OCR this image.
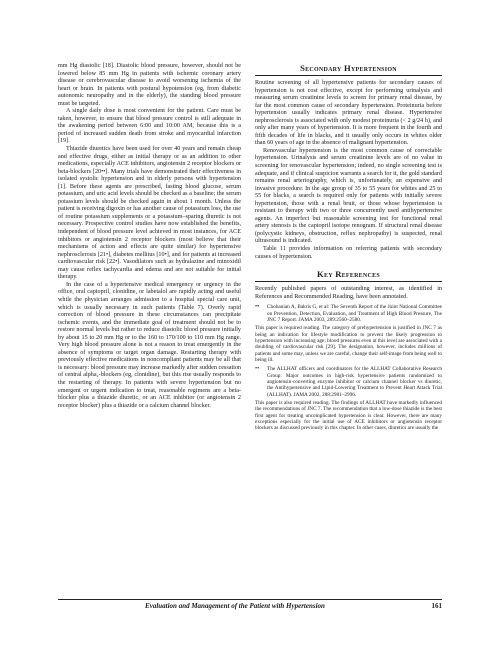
mm Hg diastolic [18]. Diastolic blood pressure, however, should not be lowered below 85 mm Hg in patients with ischemic coronary artery disease or cerebrovascular disease to avoid worsening ischemia of the heart or brain. In patients with postural hypotension (eg, from diabetic autonomic neuropathy and in the elderly), the standing blood pressure must be targeted.

A single daily dose is most convenient for the patient. Care must be taken, however, to ensure that blood pressure control is still adequate in the awakening period between 6:00 and 10:00 AM, because this is a period of increased sudden death from stroke and myocardial infarction [19].

Thiazide diuretics have been used for over 40 years and remain cheap and effective drugs, either as initial therapy or as an addition to other medications, especially ACE inhibitors, angiotensin 2 receptor blockers or beta-blockers [20••]. Many trials have demonstrated their effectiveness in isolated systolic hypertension and in elderly persons with hypertension [1]. Before these agents are prescribed, fasting blood glucose, serum potassium, and uric acid levels should be checked as a baseline; the serum potassium levels should be checked again in about 1 month. Unless the patient is receiving digoxin or has another cause of potassium loss, the use of routine potassium supplements or a potassium–sparing diuretic is not necessary. Prospective control studies have now established the benefits, independent of blood pressure level achieved in most instances, for ACE inhibitors or angiotensin 2 receptor blockers (most believe that their mechanisms of action and effects are quite similar) for hypertensive nephrosclerosis [21•], diabetes mellitus [10•], and for patients at increased cardiovascular risk [22•]. Vasodilators such as hydralazine and minoxidil may cause reflex tachycardia and edema and are not suitable for initial therapy.

In the case of a hypertensive medical emergency or urgency in the office, oral captopril, clonidine, or labetalol are rapidly acting and useful while the physician arranges admission to a hospital special care unit, which is usually necessary in such patients (Table 7). Overly rapid correction of blood pressure in these circumstances can precipitate ischemic events, and the immediate goal of treatment should not be to restore normal levels but rather to reduce diastolic blood pressure initially by about 15 to 20 mm Hg or to the 160 to 170/100 to 110 mm Hg range. Very high blood pressure alone is not a reason to treat emergently in the absence of symptoms or target organ damage. Restarting therapy with previously effective medications in noncompliant patients may be all that is necessary: blood pressure may increase markedly after sudden cessation of central alpha₂-blockers (eg, clonidine), but this rise usually responds to the restarting of therapy. In patients with severe hypertension but no emergent or urgent indication to treat, reasonable regimens are a beta-blocker plus a thiazide diuretic, or an ACE inhibitor (or angiotensin 2 receptor blocker) plus a thiazide or a calcium channel blocker.

Secondary Hypertension

Routine screening of all hypertensive patients for secondary causes of hypertension is not cost effective, except for performing urinalysis and measuring serum creatinine levels to screen for primary renal disease, by far the most common cause of secondary hypertension. Proteinuria before hypertension usually indicates primary renal disease. Hypertensive nephrosclerosis is associated with only modest proteinuria (< 2 g/24 h), and only after many years of hypertension. It is more frequent in the fourth and fifth decades of life in blacks, and it usually only occurs in whites older than 60 years of age in the absence of malignant hypertension.

Renovascular hypertension is the most common cause of correctable hypertension. Urinalysis and serum creatinine levels are of no value in screening for renovascular hypertension; indeed, no single screening test is adequate, and if clinical suspicion warrants a search for it, the gold standard remains renal arteriography, which is, unfortunately, an expensive and invasive procedure. In the age group of 35 to 55 years for whites and 25 to 55 for blacks, a search is required only for patients with initially severe hypertension, those with a renal bruit, or those whose hypertension is resistant to therapy with two or three concurrently used antihypertensive agents. An imperfect but reasonable screening test for functional renal artery stenosis is the captopril isotope renogram. If structural renal disease (polycystic kidneys, obstruction, reflux nephropathy) is suspected, renal ultrasound is indicated.

Table 11 provides information on referring patients with secondary causes of hypertension.

Key References

Recently published papers of outstanding interest, as identified in References and Recommended Reading, have been annotated.

••	Chobanian A, Bakris G, et al: The Seventh Report of the Joint National Committee on Prevention, Detection, Evaluation, and Treatment of High Blood Pressure, The JNC 7 Report. JAMA 2003, 289:2560–2580.

This paper is required reading. The category of prehypertension is justified in JNC 7 as being an indication for lifestyle modification to prevent the likely progression to hypertension with increasing age; blood pressures even at this level are associated with a doubling of cardiovascular risk [29]. The designation, however, includes millions of patients and some may, unless we are careful, change their self-image from being well to being ill.

••	The ALLHAT officers and coordinators for the ALLHAT Collaborative Research Group: Major outcomes in high-risk hypertensive patients randomized to angiotensin-converting enzyme inhibitor or calcium channel blocker vs diuretic, the Antihypertensive and Lipid-Lowering Treatment to Prevent Heart Attack Trial (ALLHAT). JAMA 2002, 288:2981–2996.

This paper is also required reading. The findings of ALLHAT have markedly influenced the recommendations of JNC 7. The recommendation that a low-dose thiazide is the best first agent for treating uncomplicated hypertension is clear. However, there are many exceptions especially for the initial use of ACE inhibitors or angiotensin receptor blockers as discussed previously in this chapter. In other cases, diuretics are usually the

Evaluation and Management of the Patient with Hypertension	161
